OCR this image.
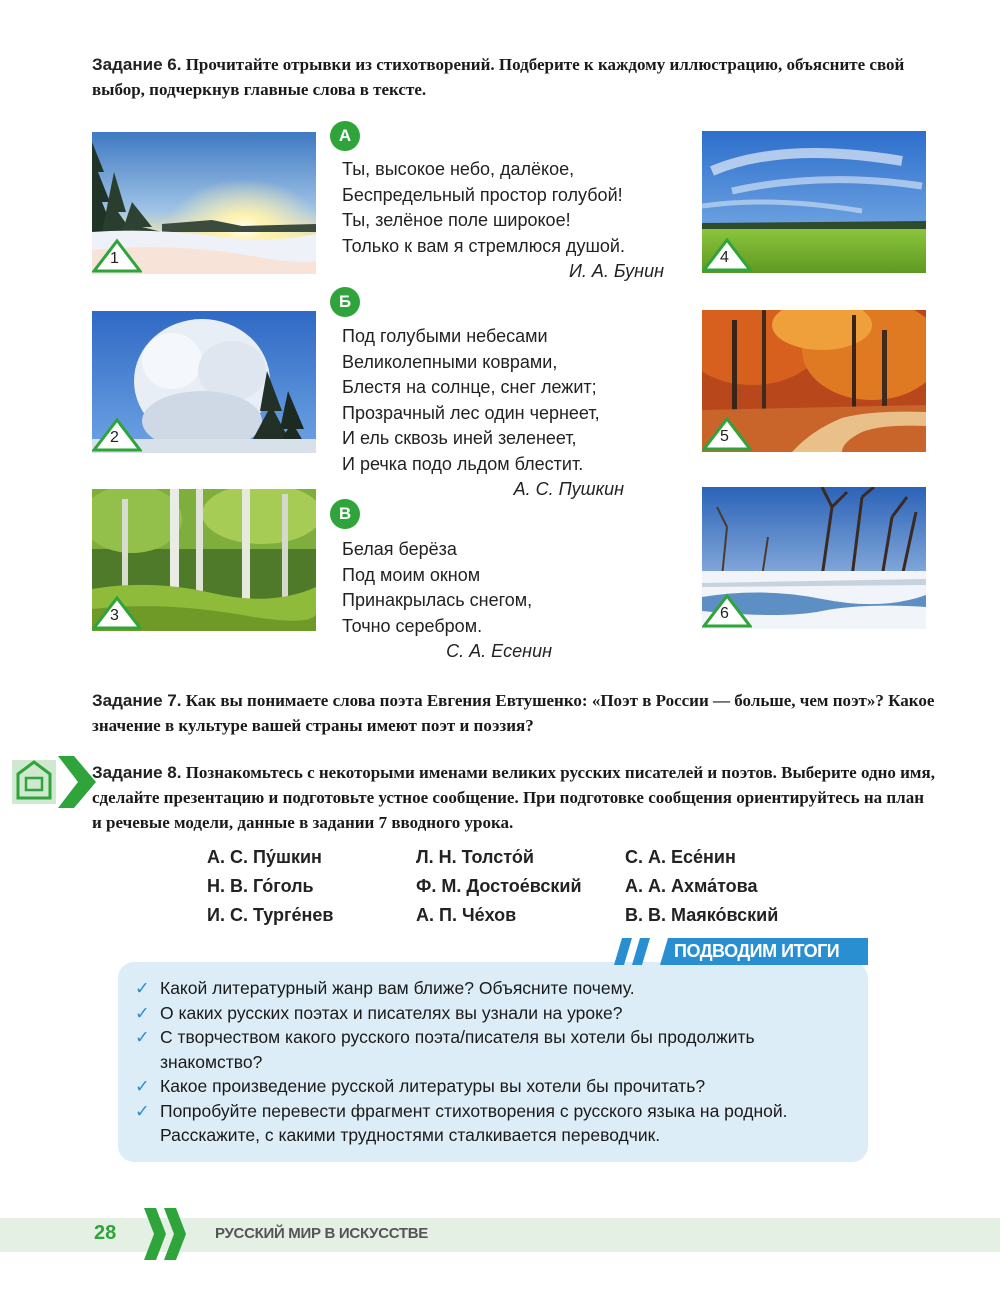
Задание 6. Прочитайте отрывки из стихотворений. Подберите к каждому иллюстрацию, объясните свой выбор, подчеркнув главные слова в тексте.
1
2
3
4
5
6
А
Ты, высокое небо, далёкое,
Беспредельный простор голубой!
Ты, зелёное поле широкое!
Только к вам я стремлюся душой.
И. А. Бунин
Б
Под голубыми небесами
Великолепными коврами,
Блестя на солнце, снег лежит;
Прозрачный лес один чернеет,
И ель сквозь иней зеленеет,
И речка подо льдом блестит.
А. С. Пушкин
В
Белая берёза
Под моим окном
Принакрылась снегом,
Точно серебром.
С. А. Есенин
Задание 7. Как вы понимаете слова поэта Евгения Евтушенко: «Поэт в России — больше, чем поэт»? Какое значение в культуре вашей страны имеют поэт и поэзия?
Задание 8. Познакомьтесь с некоторыми именами великих русских писателей и поэтов. Выберите одно имя, сделайте презентацию и подготовьте устное сообщение. При подготовке сообщения ориентируйтесь на план и речевые модели, данные в задании 7 вводного урока.
А. С. Пу́шкин
Н. В. Го́голь
И. С. Турге́нев
Л. Н. Толсто́й
Ф. М. Достое́вский
А. П. Че́хов
С. А. Есе́нин
А. А. Ахма́това
В. В. Маяко́вский
✓ Какой литературный жанр вам ближе? Объясните почему.
✓ О каких русских поэтах и писателях вы узнали на уроке?
✓ С творчеством какого русского поэта/писателя вы хотели бы продолжить знакомство?
✓ Какое произведение русской литературы вы хотели бы прочитать?
✓ Попробуйте перевести фрагмент стихотворения с русского языка на родной. Расскажите, с какими трудностями сталкивается переводчик.
ПОДВОДИМ ИТОГИ
28	РУССКИЙ МИР В ИСКУССТВЕ
